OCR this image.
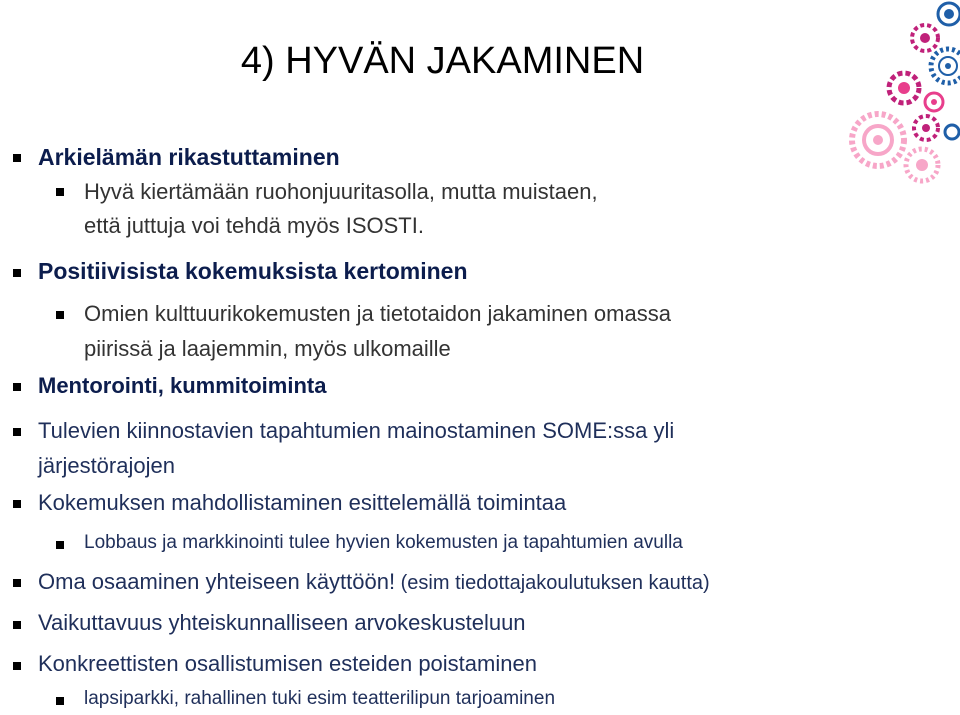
4) HYVÄN JAKAMINEN
Arkielämän rikastuttaminen
Hyvä kiertämään ruohonjuuritasolla, mutta muistaen,
että juttuja voi tehdä myös ISOSTI.
Positiivisista kokemuksista kertominen
Omien kulttuurikokemusten ja tietotaidon jakaminen omassa
piirissä ja laajemmin, myös ulkomaille
Mentorointi, kummitoiminta
Tulevien kiinnostavien tapahtumien mainostaminen SOME:ssa yli
järjestörajojen
Kokemuksen mahdollistaminen esittelemällä toimintaa
Lobbaus ja markkinointi tulee hyvien kokemusten ja tapahtumien avulla
Oma osaaminen yhteiseen käyttöön! (esim tiedottajakoulutuksen kautta)
Vaikuttavuus yhteiskunnalliseen arvokeskusteluun
Konkreettisten osallistumisen esteiden poistaminen
lapsiparkki, rahallinen tuki esim teatterilipun tarjoaminen
